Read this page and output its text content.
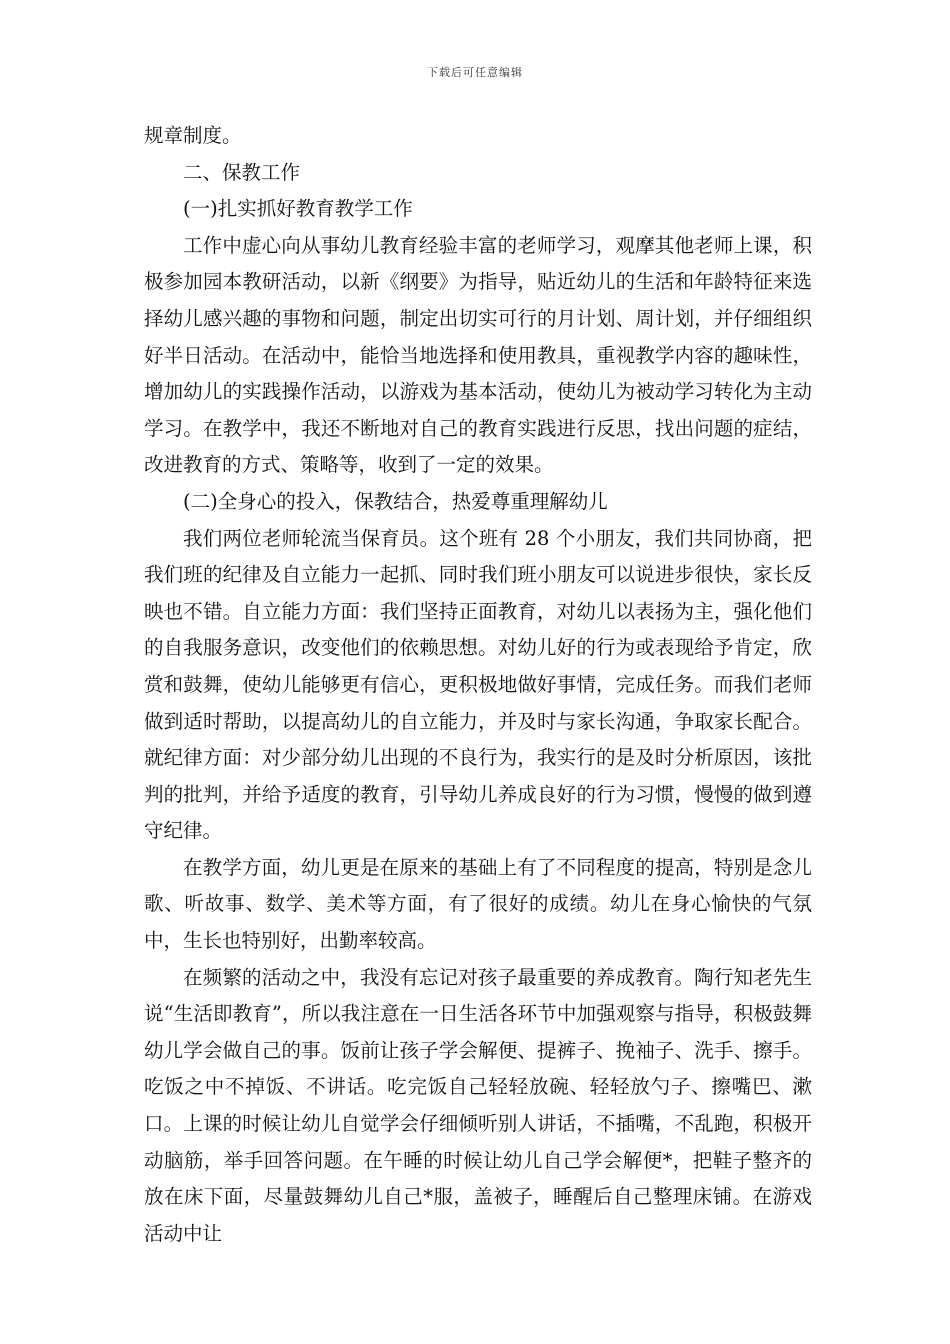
下载后可任意编辑

规章制度。

二、保教工作

(一)扎实抓好教育教学工作

工作中虚心向从事幼儿教育经验丰富的老师学习，观摩其他老师上课，积极参加园本教研活动，以新《纲要》为指导，贴近幼儿的生活和年龄特征来选择幼儿感兴趣的事物和问题，制定出切实可行的月计划、周计划，并仔细组织好半日活动。在活动中，能恰当地选择和使用教具，重视教学内容的趣味性，增加幼儿的实践操作活动，以游戏为基本活动，使幼儿为被动学习转化为主动学习。在教学中，我还不断地对自己的教育实践进行反思，找出问题的症结，改进教育的方式、策略等，收到了一定的效果。

(二)全身心的投入，保教结合，热爱尊重理解幼儿

我们两位老师轮流当保育员。这个班有 28 个小朋友，我们共同协商，把我们班的纪律及自立能力一起抓、同时我们班小朋友可以说进步很快，家长反映也不错。自立能力方面：我们坚持正面教育，对幼儿以表扬为主，强化他们的自我服务意识，改变他们的依赖思想。对幼儿好的行为或表现给予肯定，欣赏和鼓舞，使幼儿能够更有信心，更积极地做好事情，完成任务。而我们老师做到适时帮助，以提高幼儿的自立能力，并及时与家长沟通，争取家长配合。就纪律方面：对少部分幼儿出现的不良行为，我实行的是及时分析原因，该批判的批判，并给予适度的教育，引导幼儿养成良好的行为习惯，慢慢的做到遵守纪律。

在教学方面，幼儿更是在原来的基础上有了不同程度的提高，特别是念儿歌、听故事、数学、美术等方面，有了很好的成绩。幼儿在身心愉快的气氛中，生长也特别好，出勤率较高。

在频繁的活动之中，我没有忘记对孩子最重要的养成教育。陶行知老先生说“生活即教育”，所以我注意在一日生活各环节中加强观察与指导，积极鼓舞幼儿学会做自己的事。饭前让孩子学会解便、提裤子、挽袖子、洗手、擦手。吃饭之中不掉饭、不讲话。吃完饭自己轻轻放碗、轻轻放勺子、擦嘴巴、漱口。上课的时候让幼儿自觉学会仔细倾听别人讲话，不插嘴，不乱跑，积极开动脑筋，举手回答问题。在午睡的时候让幼儿自己学会解便*，把鞋子整齐的放在床下面，尽量鼓舞幼儿自己*服，盖被子，睡醒后自己整理床铺。在游戏活动中让
